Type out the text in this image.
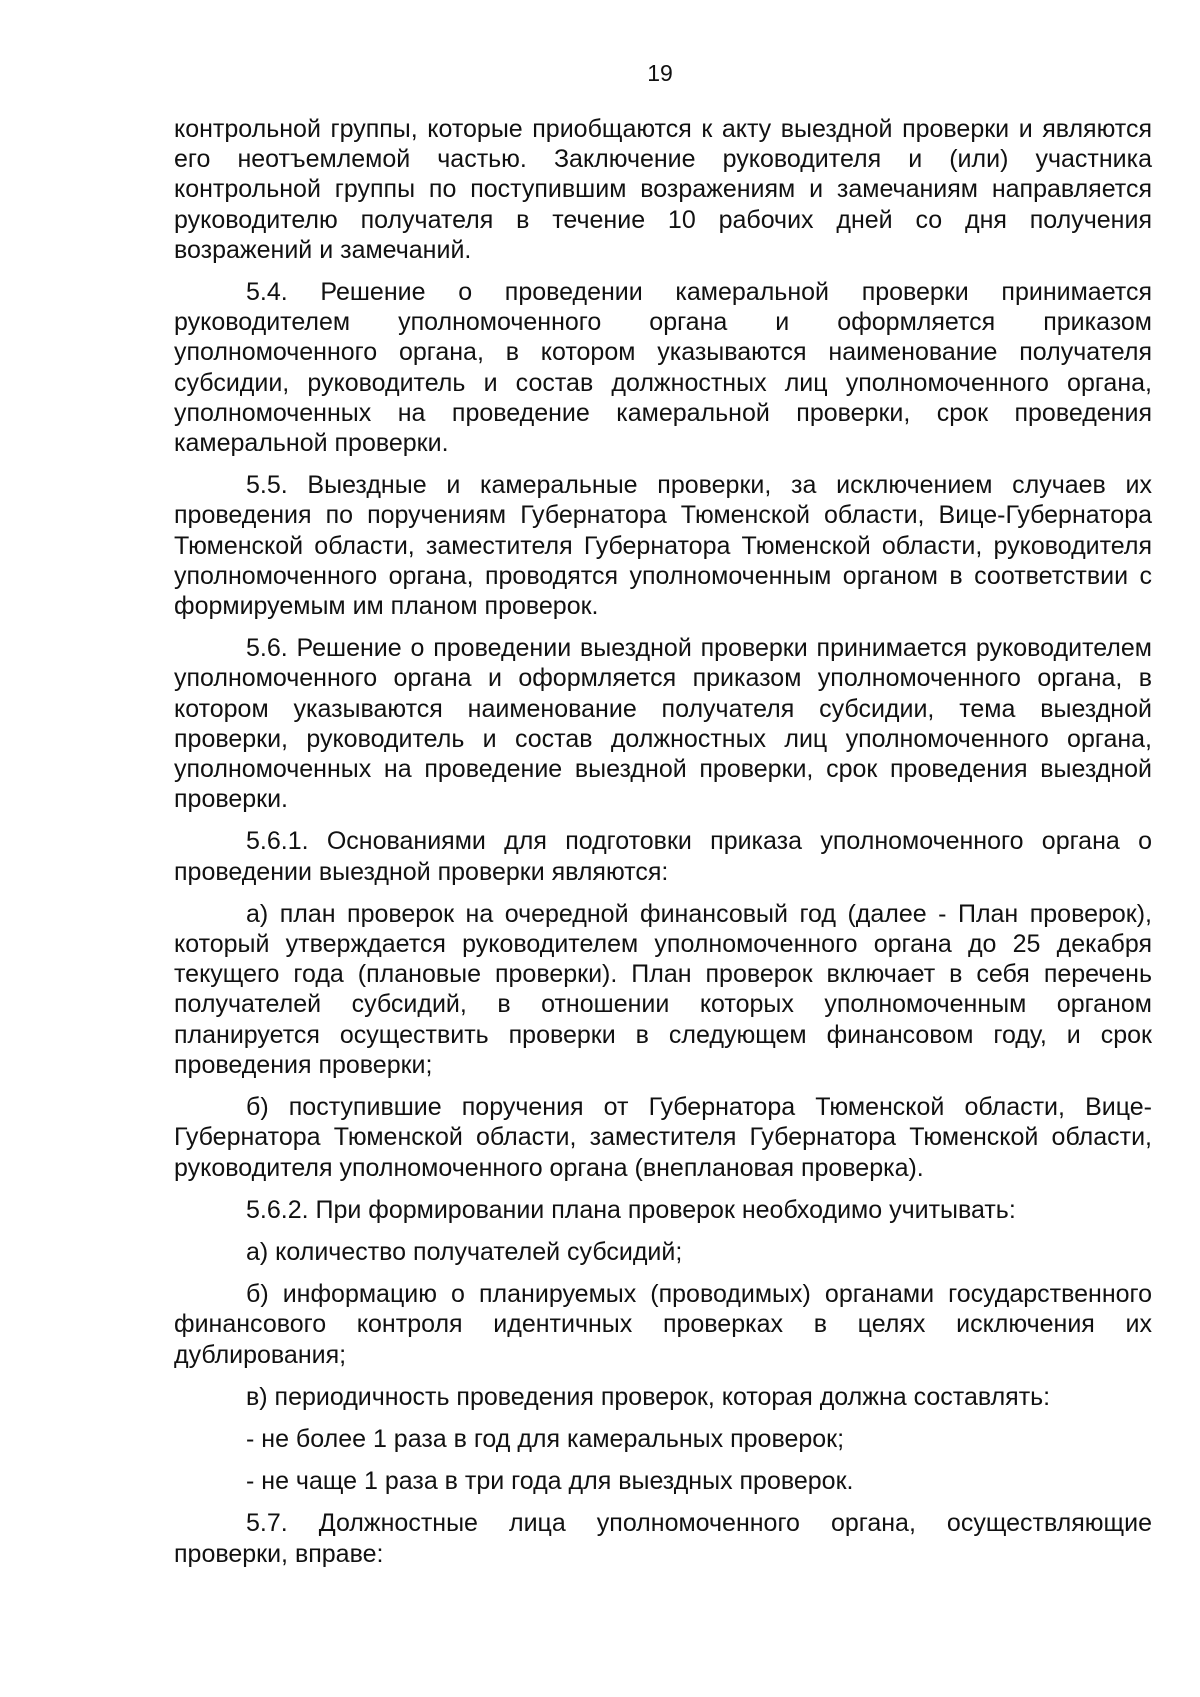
19

контрольной группы, которые приобщаются к акту выездной проверки и являются его неотъемлемой частью. Заключение руководителя и (или) участника контрольной группы по поступившим возражениям и замечаниям направляется руководителю получателя в течение 10 рабочих дней со дня получения возражений и замечаний.

5.4. Решение о проведении камеральной проверки принимается руководителем уполномоченного органа и оформляется приказом уполномоченного органа, в котором указываются наименование получателя субсидии, руководитель и состав должностных лиц уполномоченного органа, уполномоченных на проведение камеральной проверки, срок проведения камеральной проверки.

5.5. Выездные и камеральные проверки, за исключением случаев их проведения по поручениям Губернатора Тюменской области, Вице-Губернатора Тюменской области, заместителя Губернатора Тюменской области, руководителя уполномоченного органа, проводятся уполномоченным органом в соответствии с формируемым им планом проверок.

5.6. Решение о проведении выездной проверки принимается руководителем уполномоченного органа и оформляется приказом уполномоченного органа, в котором указываются наименование получателя субсидии, тема выездной проверки, руководитель и состав должностных лиц уполномоченного органа, уполномоченных на проведение выездной проверки, срок проведения выездной проверки.

5.6.1. Основаниями для подготовки приказа уполномоченного органа о проведении выездной проверки являются:

а) план проверок на очередной финансовый год (далее - План проверок), который утверждается руководителем уполномоченного органа до 25 декабря текущего года (плановые проверки). План проверок включает в себя перечень получателей субсидий, в отношении которых уполномоченным органом планируется осуществить проверки в следующем финансовом году, и срок проведения проверки;

б) поступившие поручения от Губернатора Тюменской области, Вице-Губернатора Тюменской области, заместителя Губернатора Тюменской области, руководителя уполномоченного органа (внеплановая проверка).

5.6.2. При формировании плана проверок необходимо учитывать:

а) количество получателей субсидий;

б) информацию о планируемых (проводимых) органами государственного финансового контроля идентичных проверках в целях исключения их дублирования;

в) периодичность проведения проверок, которая должна составлять:

- не более 1 раза в год для камеральных проверок;

- не чаще 1 раза в три года для выездных проверок.

5.7. Должностные лица уполномоченного органа, осуществляющие проверки, вправе:
